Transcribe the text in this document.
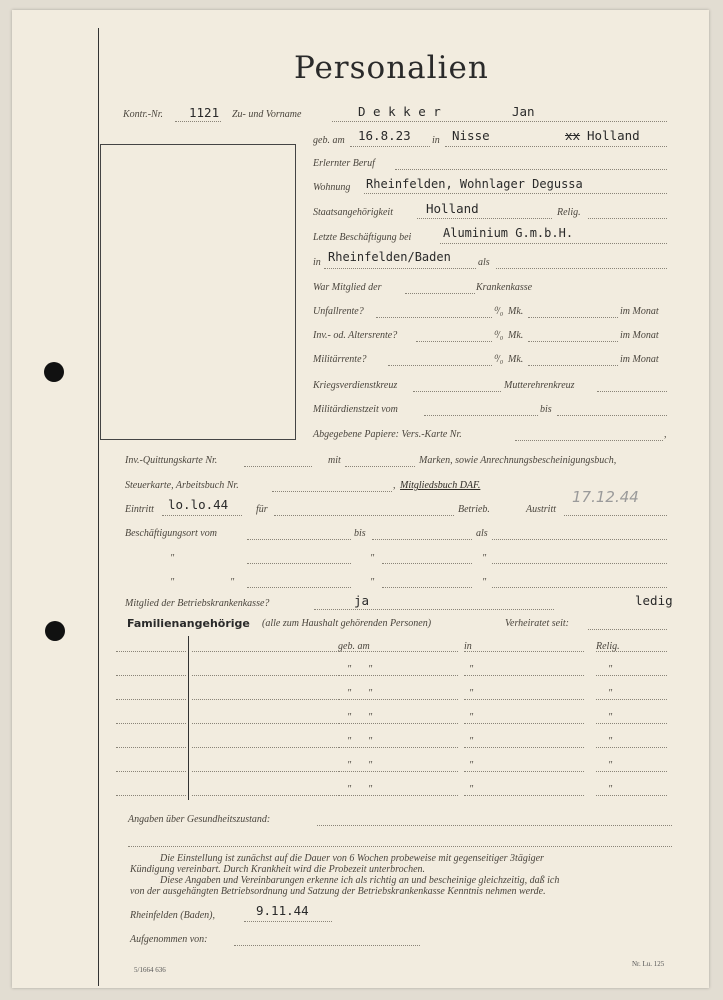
Personalien
Kontr.-Nr. 1121 Zu- und Vorname	D e k k e r	Jan
geb. am 16.8.23 in Nisse	xx Holland
Erlernter Beruf
Wohnung Rheinfelden, Wohnlager Degussa
Staatsangehörigkeit	Holland	Relig.
Letzte Beschäftigung bei	Aluminium G.m.b.H.
in Rheinfelden/Baden	als
War Mitglied der	Krankenkasse
Unfallrente?	⁰/₀ Mk.	im Monat
Inv.- od. Altersrente?	⁰/₀ Mk.	im Monat
Militärrente?	⁰/₀ Mk.	im Monat
Kriegsverdienstkreuz	Mutterehrenkreuz
Militärdienstzeit vom	bis
Abgegebene Papiere: Vers.-Karte Nr.	,
Inv.-Quittungskarte Nr.	mit	Marken, sowie Anrechnungsbescheinigungsbuch,
Steuerkarte, Arbeitsbuch Nr.	, Mitgliedsbuch DAF.
Eintritt lo.lo.44	für	Betrieb.	Austritt
17.12.44
Beschäftigungsort vom	bis	als
"	"	"
"	"	"	"
Mitglied der Betriebskrankenkasse?	ja	ledig
Familienangehörige (alle zum Haushalt gehörenden Personen)	Verheiratet seit:
geb. am	in	Relig.
" "	"	"
" "	"	"
" "	"	"
" "	"	"
" "	"	"
" "	"	"
Angaben über Gesundheitszustand:
Die Einstellung ist zunächst auf die Dauer von 6 Wochen probeweise mit gegenseitiger 3tägiger
Kündigung vereinbart. Durch Krankheit wird die Probezeit unterbrochen.
Diese Angaben und Vereinbarungen erkenne ich als richtig an und bescheinige gleichzeitig, daß ich
von der ausgehängten Betriebsordnung und Satzung der Betriebskrankenkasse Kenntnis nehmen werde.
Rheinfelden (Baden),	9.11.44
Aufgenommen von:
5/1664 636
Nr. Lu. 125
